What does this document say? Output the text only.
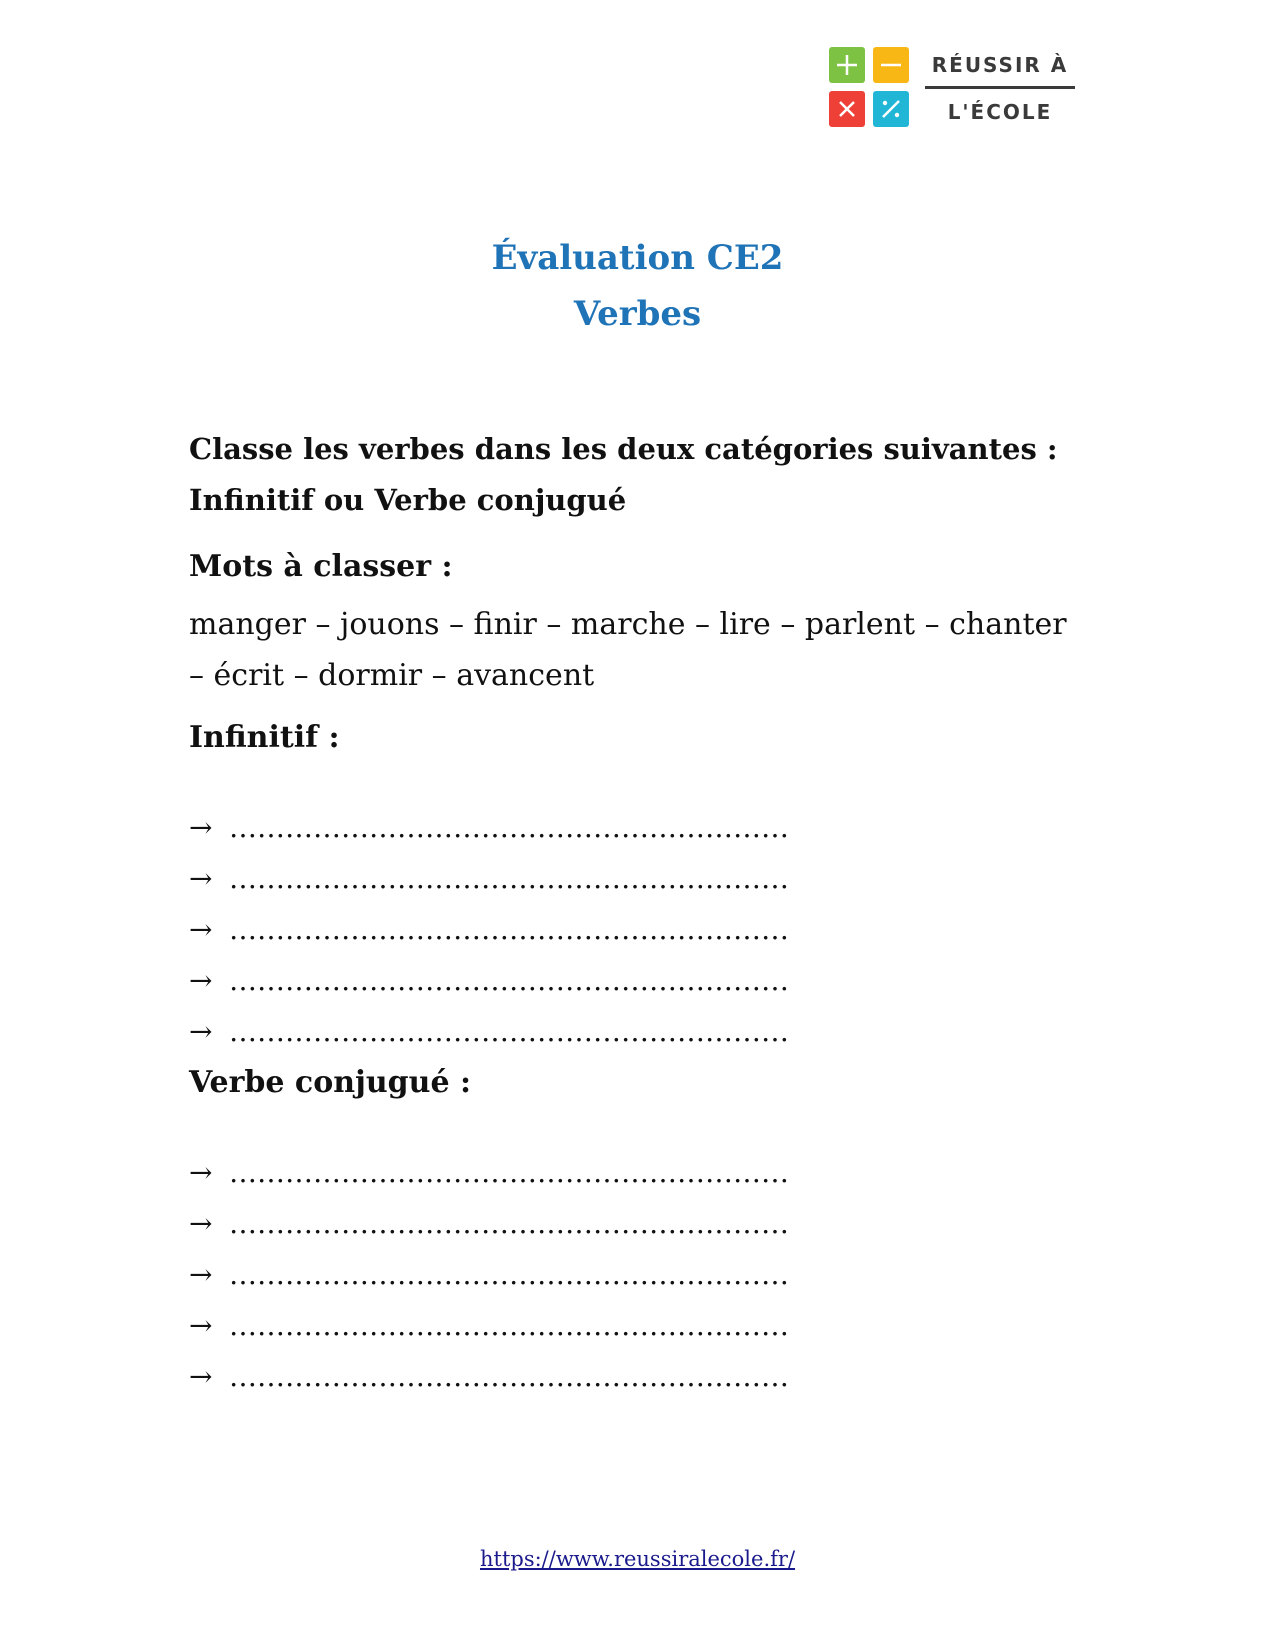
RÉUSSIR À
L'ÉCOLE
Évaluation CE2
Verbes
Classe les verbes dans les deux catégories suivantes : Infinitif ou Verbe conjugué
Mots à classer :
manger – jouons – finir – marche – lire – parlent – chanter – écrit – dormir – avancent
Infinitif :
→ ……………………………………………………
→ ……………………………………………………
→ ……………………………………………………
→ ……………………………………………………
→ ……………………………………………………
Verbe conjugué :
→ ……………………………………………………
→ ……………………………………………………
→ ……………………………………………………
→ ……………………………………………………
→ ……………………………………………………
https://www.reussiralecole.fr/
